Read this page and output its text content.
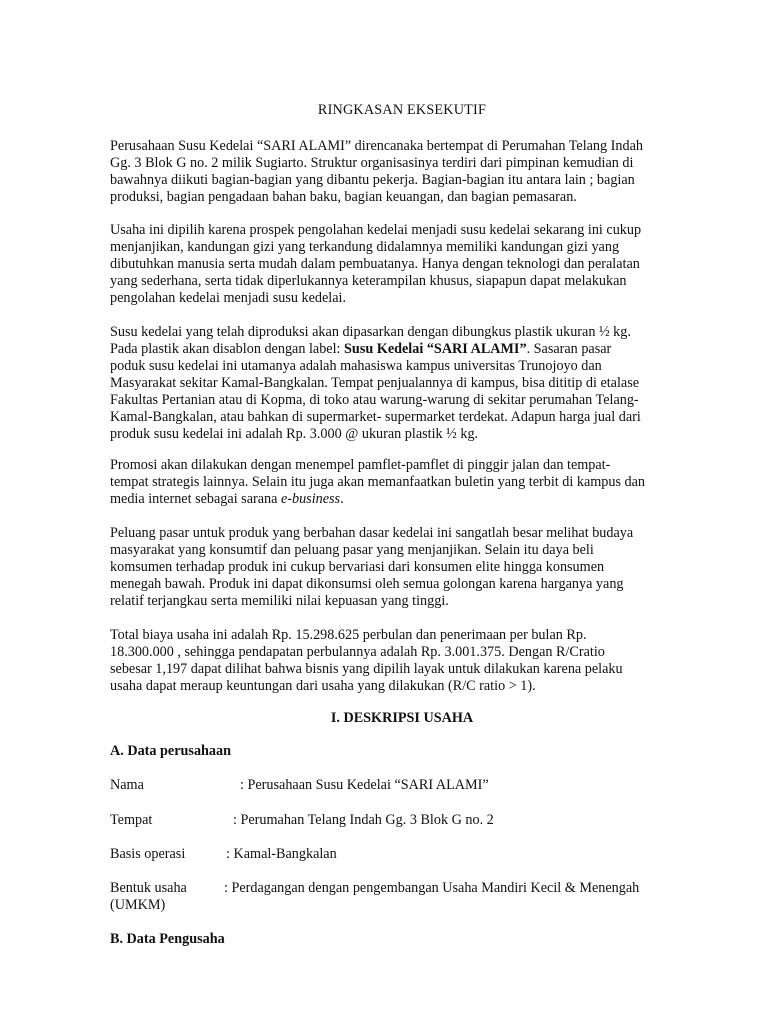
RINGKASAN EKSEKUTIF

Perusahaan Susu Kedelai “SARI ALAMI” direncanaka bertempat di Perumahan Telang Indah
Gg. 3 Blok G no. 2 milik Sugiarto. Struktur organisasinya terdiri dari pimpinan kemudian di
bawahnya diikuti bagian-bagian yang dibantu pekerja. Bagian-bagian itu antara lain ; bagian
produksi, bagian pengadaan bahan baku, bagian keuangan, dan bagian pemasaran.

Usaha ini dipilih karena prospek pengolahan kedelai menjadi susu kedelai sekarang ini cukup
menjanjikan, kandungan gizi yang terkandung didalamnya memiliki kandungan gizi yang
dibutuhkan manusia serta mudah dalam pembuatanya. Hanya dengan teknologi dan peralatan
yang sederhana, serta tidak diperlukannya keterampilan khusus, siapapun dapat melakukan
pengolahan kedelai menjadi susu kedelai.

Susu kedelai yang telah diproduksi akan dipasarkan dengan dibungkus plastik ukuran ½ kg.
Pada plastik akan disablon dengan label: Susu Kedelai “SARI ALAMI”. Sasaran pasar
poduk susu kedelai ini utamanya adalah mahasiswa kampus universitas Trunojoyo dan
Masyarakat sekitar Kamal-Bangkalan. Tempat penjualannya di kampus, bisa dititip di etalase
Fakultas Pertanian atau di Kopma, di toko atau warung-warung di sekitar perumahan Telang-
Kamal-Bangkalan, atau bahkan di supermarket- supermarket terdekat. Adapun harga jual dari
produk susu kedelai ini adalah Rp. 3.000 @ ukuran plastik ½ kg.

Promosi akan dilakukan dengan menempel pamflet-pamflet di pinggir jalan dan tempat-
tempat strategis lainnya. Selain itu juga akan memanfaatkan buletin yang terbit di kampus dan
media internet sebagai sarana e-business.

Peluang pasar untuk produk yang berbahan dasar kedelai ini sangatlah besar melihat budaya
masyarakat yang konsumtif dan peluang pasar yang menjanjikan. Selain itu daya beli
komsumen terhadap produk ini cukup bervariasi dari konsumen elite hingga konsumen
menegah bawah. Produk ini dapat dikonsumsi oleh semua golongan karena harganya yang
relatif terjangkau serta memiliki nilai kepuasan yang tinggi.

Total biaya usaha ini adalah Rp. 15.298.625 perbulan dan penerimaan per bulan Rp.
18.300.000 , sehingga pendapatan perbulannya adalah Rp. 3.001.375. Dengan R/Cratio
sebesar 1,197 dapat dilihat bahwa bisnis yang dipilih layak untuk dilakukan karena pelaku
usaha dapat meraup keuntungan dari usaha yang dilakukan (R/C ratio > 1).

I. DESKRIPSI USAHA
A. Data perusahaan
Nama	: Perusahaan Susu Kedelai “SARI ALAMI”
Tempat	: Perumahan Telang Indah Gg. 3 Blok G no. 2
Basis operasi	: Kamal-Bangkalan
Bentuk usaha	: Perdagangan dengan pengembangan Usaha Mandiri Kecil & Menengah
(UMKM)
B. Data Pengusaha
